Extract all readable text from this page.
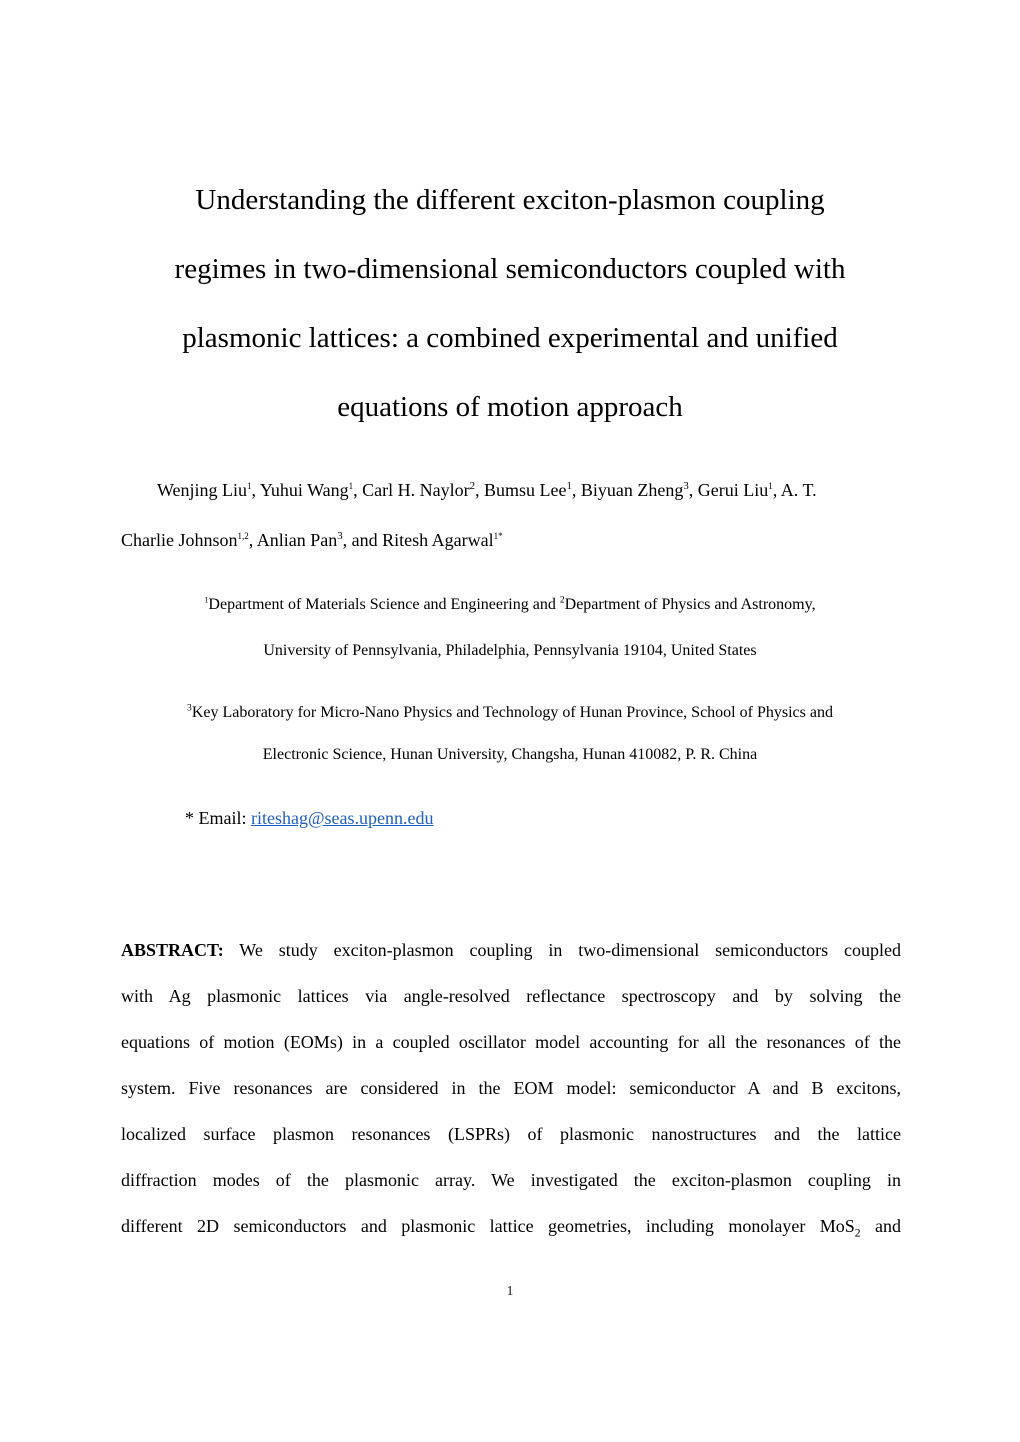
Understanding the different exciton-plasmon coupling
regimes in two-dimensional semiconductors coupled with
plasmonic lattices: a combined experimental and unified
equations of motion approach
Wenjing Liu$^1$, Yuhui Wang$^1$, Carl H. Naylor$^2$, Bumsu Lee$^1$, Biyuan Zheng$^3$, Gerui Liu$^1$, A. T.
Charlie Johnson$^{1,2}$, Anlian Pan$^3$, and Ritesh Agarwal$^{1*}$
$^1$Department of Materials Science and Engineering and $^2$Department of Physics and Astronomy,
University of Pennsylvania, Philadelphia, Pennsylvania 19104, United States
$^3$Key Laboratory for Micro-Nano Physics and Technology of Hunan Province, School of Physics and
Electronic Science, Hunan University, Changsha, Hunan 410082, P. R. China
* Email: riteshag@seas.upenn.edu
ABSTRACT: We study exciton-plasmon coupling in two-dimensional semiconductors coupled
with Ag plasmonic lattices via angle-resolved reflectance spectroscopy and by solving the
equations of motion (EOMs) in a coupled oscillator model accounting for all the resonances of the
system. Five resonances are considered in the EOM model: semiconductor A and B excitons,
localized surface plasmon resonances (LSPRs) of plasmonic nanostructures and the lattice
diffraction modes of the plasmonic array. We investigated the exciton-plasmon coupling in
different 2D semiconductors and plasmonic lattice geometries, including monolayer MoS$_2$ and
1
